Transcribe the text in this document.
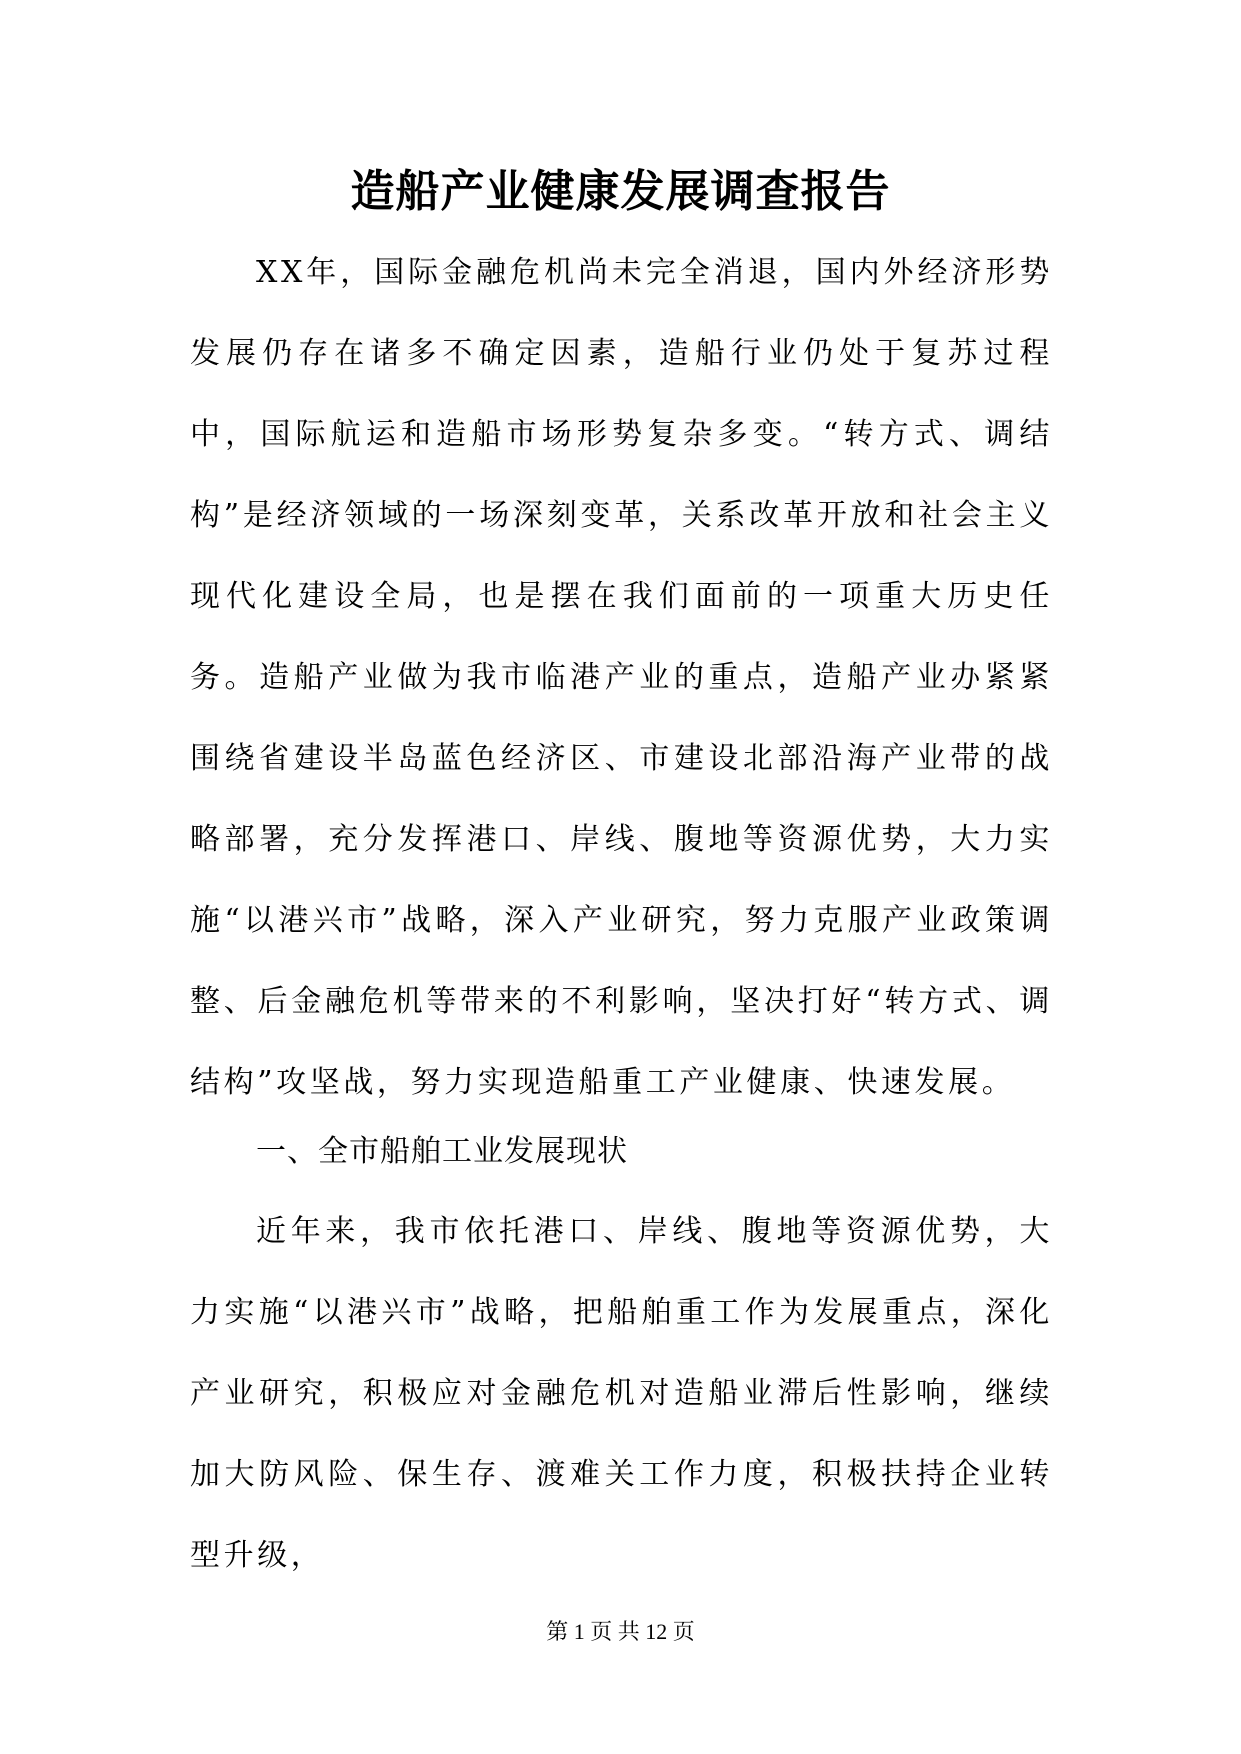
造船产业健康发展调查报告

XX年，国际金融危机尚未完全消退，国内外经济形势发展仍存在诸多不确定因素，造船行业仍处于复苏过程中，国际航运和造船市场形势复杂多变。“转方式、调结构”是经济领域的一场深刻变革，关系改革开放和社会主义现代化建设全局，也是摆在我们面前的一项重大历史任务。造船产业做为我市临港产业的重点，造船产业办紧紧围绕省建设半岛蓝色经济区、市建设北部沿海产业带的战略部署，充分发挥港口、岸线、腹地等资源优势，大力实施“以港兴市”战略，深入产业研究，努力克服产业政策调整、后金融危机等带来的不利影响，坚决打好“转方式、调结构”攻坚战，努力实现造船重工产业健康、快速发展。

一、全市船舶工业发展现状

近年来，我市依托港口、岸线、腹地等资源优势，大力实施“以港兴市”战略，把船舶重工作为发展重点，深化产业研究，积极应对金融危机对造船业滞后性影响，继续加大防风险、保生存、渡难关工作力度，积极扶持企业转型升级，

第 1 页 共 12 页
